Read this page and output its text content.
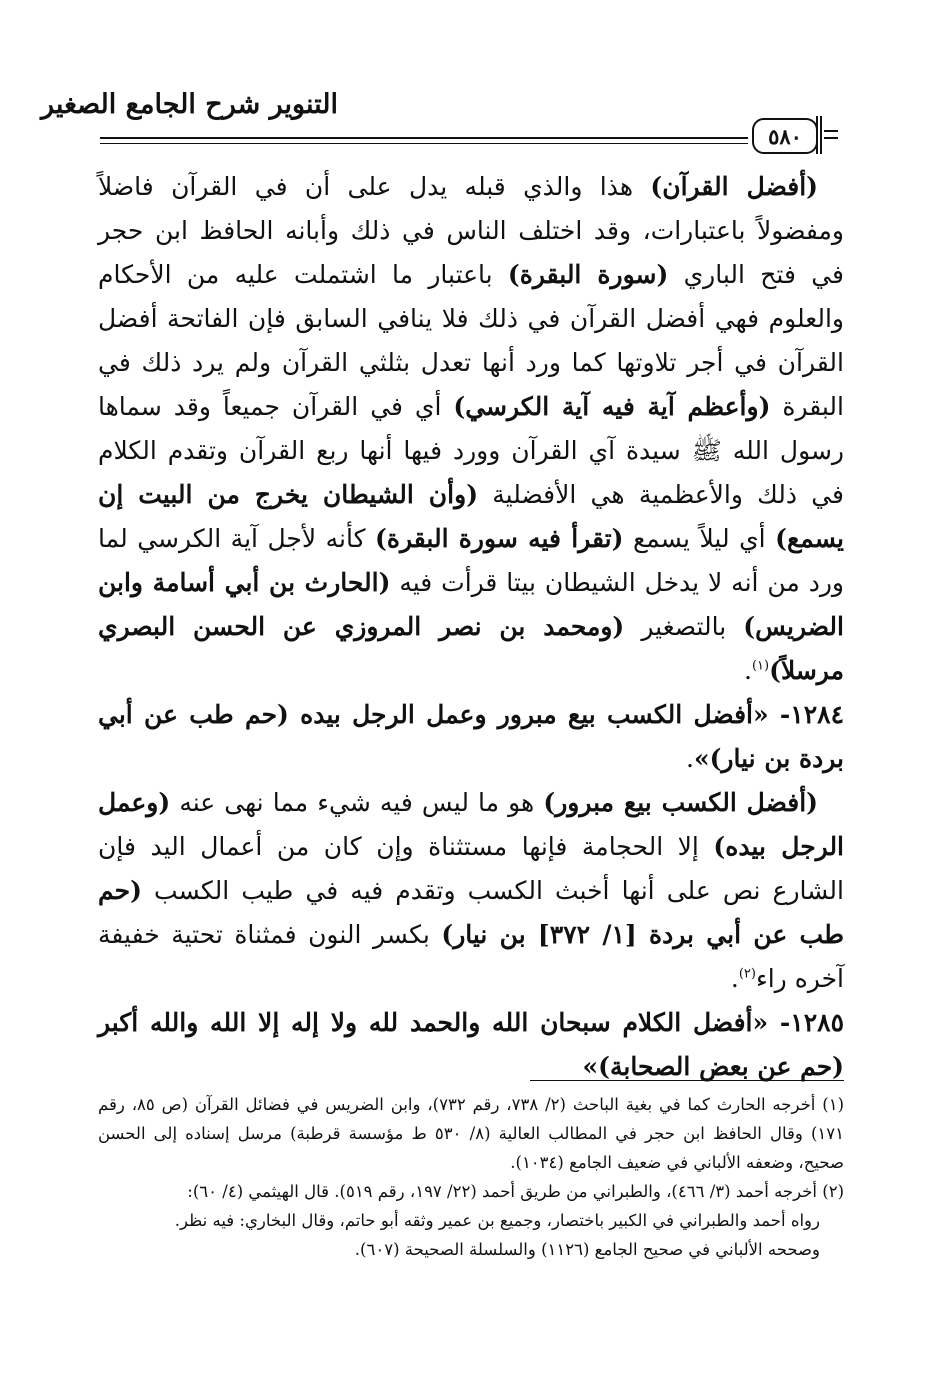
التنوير شرح الجامع الصغير
٥٨٠

(أفضل القرآن) هذا والذي قبله يدل على أن في القرآن فاضلاً ومفضولاً باعتبارات، وقد اختلف الناس في ذلك وأبانه الحافظ ابن حجر في فتح الباري (سورة البقرة) باعتبار ما اشتملت عليه من الأحكام والعلوم فهي أفضل القرآن في ذلك فلا ينافي السابق فإن الفاتحة أفضل القرآن في أجر تلاوتها كما ورد أنها تعدل بثلثي القرآن ولم يرد ذلك في البقرة (وأعظم آية فيه آية الكرسي) أي في القرآن جميعاً وقد سماها رسول الله ﷺ سيدة آي القرآن وورد فيها أنها ربع القرآن وتقدم الكلام في ذلك والأعظمية هي الأفضلية (وأن الشيطان يخرج من البيت إن يسمع) أي ليلاً يسمع (تقرأ فيه سورة البقرة) كأنه لأجل آية الكرسي لما ورد من أنه لا يدخل الشيطان بيتا قرأت فيه (الحارث بن أبي أسامة وابن الضريس) بالتصغير (ومحمد بن نصر المروزي عن الحسن البصري مرسلاً)$^{(١)}$.

١٢٨٤- «أفضل الكسب بيع مبرور وعمل الرجل بيده (حم طب عن أبي بردة بن نيار)».

(أفضل الكسب بيع مبرور) هو ما ليس فيه شيء مما نهى عنه (وعمل الرجل بيده) إلا الحجامة فإنها مستثناة وإن كان من أعمال اليد فإن الشارع نص على أنها أخبث الكسب وتقدم فيه في طيب الكسب (حم طب عن أبي بردة [١/ ٣٧٢] بن نيار) بكسر النون فمثناة تحتية خفيفة آخره راء$^{(٢)}$.

١٢٨٥- «أفضل الكلام سبحان الله والحمد لله ولا إله إلا الله والله أكبر (حم عن بعض الصحابة)»

(١) أخرجه الحارث كما في بغية الباحث (٢/ ٧٣٨، رقم ٧٣٢)، وابن الضريس في فضائل القرآن (ص ٨٥، رقم ١٧١) وقال الحافظ ابن حجر في المطالب العالية (٨/ ٥٣٠ ط مؤسسة قرطبة) مرسل إسناده إلى الحسن صحيح، وضعفه الألباني في ضعيف الجامع (١٠٣٤).

(٢) أخرجه أحمد (٣/ ٤٦٦)، والطبراني من طريق أحمد (٢٢/ ١٩٧، رقم ٥١٩). قال الهيثمي (٤/ ٦٠):

رواه أحمد والطبراني في الكبير باختصار، وجميع بن عمير وثقه أبو حاتم، وقال البخاري: فيه نظر.

وصححه الألباني في صحيح الجامع (١١٢٦) والسلسلة الصحيحة (٦٠٧).
